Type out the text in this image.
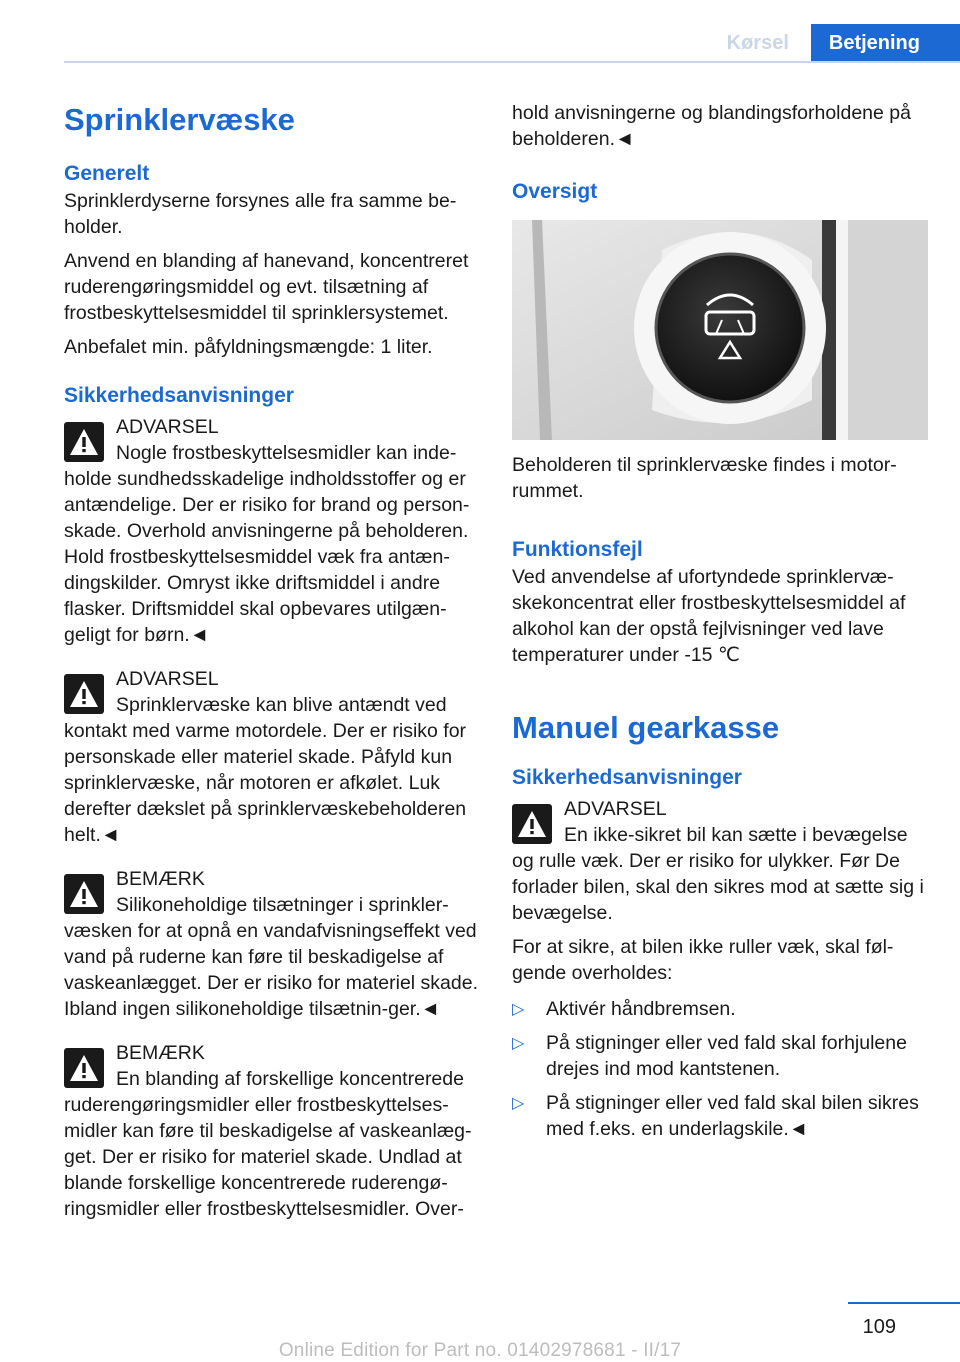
Kørsel	Betjening
Sprinklervæske
Generelt

Sprinklerdyserne forsynes alle fra samme be-holder.

Anvend en blanding af hanevand, koncentreret ruderengøringsmiddel og evt. tilsætning af frostbeskyttelsesmiddel til sprinklersystemet.

Anbefalet min. påfyldningsmængde: 1 liter.

Sikkerhedsanvisninger

ADVARSEL

Nogle frostbeskyttelsesmidler kan inde-holde sundhedsskadelige indholdsstoffer og er antændelige. Der er risiko for brand og person-skade. Overhold anvisningerne på beholderen. Hold frostbeskyttelsesmiddel væk fra antæn-dingskilder. Omryst ikke driftsmiddel i andre flasker. Driftsmiddel skal opbevares utilgæn-geligt for børn.◄

ADVARSEL

Sprinklervæske kan blive antændt ved kontakt med varme motordele. Der er risiko for personskade eller materiel skade. Påfyld kun sprinklervæske, når motoren er afkølet. Luk derefter dækslet på sprinklervæskebeholderen helt.◄

BEMÆRK

Silikoneholdige tilsætninger i sprinkler-væsken for at opnå en vandafvisningseffekt ved vand på ruderne kan føre til beskadigelse af vaskeanlægget. Der er risiko for materiel skade. Ibland ingen silikoneholdige tilsætnin-ger.◄

BEMÆRK

En blanding af forskellige koncentrerede ruderengøringsmidler eller frostbeskyttelses-midler kan føre til beskadigelse af vaskeanlæg-get. Der er risiko for materiel skade. Undlad at blande forskellige koncentrerede ruderengø-ringsmidler eller frostbeskyttelsesmidler. Over-

hold anvisningerne og blandingsforholdene på beholderen.◄

Oversigt

Beholderen til sprinklervæske findes i motor-rummet.

Funktionsfejl

Ved anvendelse af ufortyndede sprinklervæ-skekoncentrat eller frostbeskyttelsesmiddel af alkohol kan der opstå fejlvisninger ved lave temperaturer under -15 ℃

Manuel gearkasse
Sikkerhedsanvisninger

ADVARSEL

En ikke-sikret bil kan sætte i bevægelse og rulle væk. Der er risiko for ulykker. Før De forlader bilen, skal den sikres mod at sætte sig i bevægelse.

For at sikre, at bilen ikke ruller væk, skal føl-gende overholdes:

▷ Aktivér håndbremsen.
▷ På stigninger eller ved fald skal forhjulene drejes ind mod kantstenen.
▷ På stigninger eller ved fald skal bilen sikres med f.eks. en underlagskile.◄
109
Online Edition for Part no. 01402978681 - II/17
